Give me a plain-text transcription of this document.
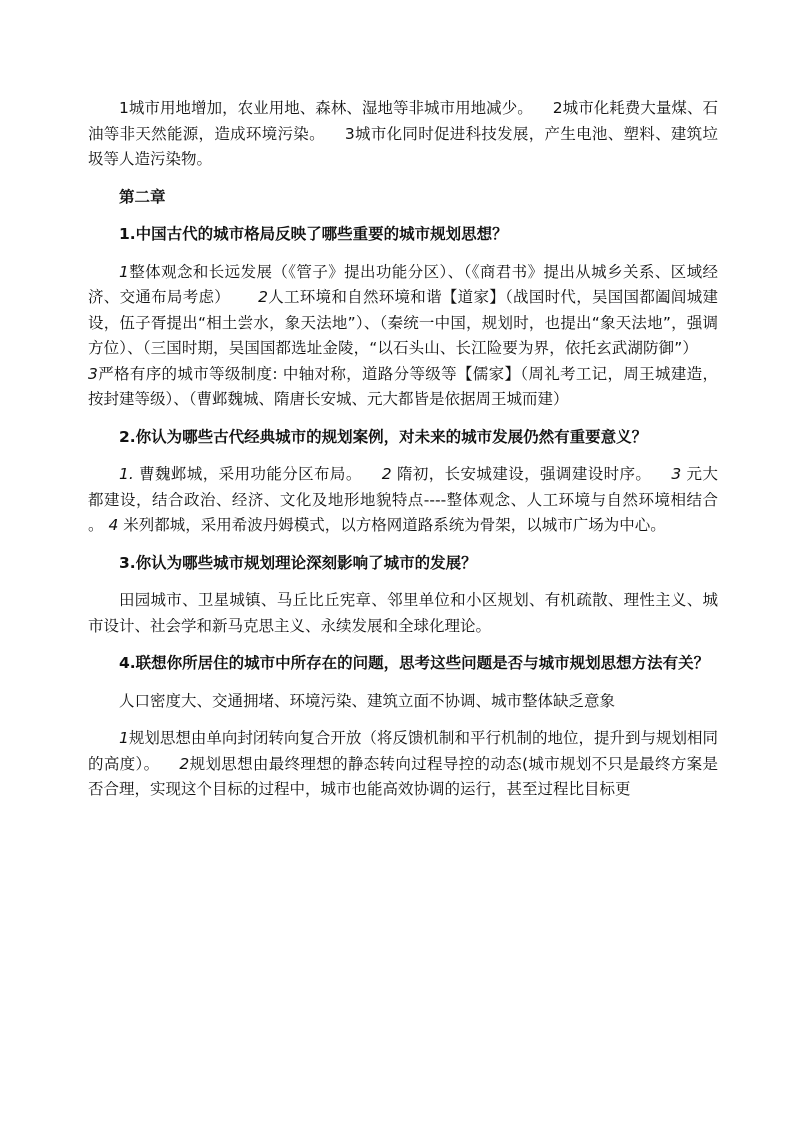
1城市用地增加，农业用地、森林、湿地等非城市用地减少。 2城市化耗费大量煤、石油等非天然能源，造成环境污染。 3城市化同时促进科技发展，产生电池、塑料、建筑垃圾等人造污染物。

第二章

1.中国古代的城市格局反映了哪些重要的城市规划思想？

1整体观念和长远发展（《管子》提出功能分区）、（《商君书》提出从城乡关系、区域经济、交通布局考虑） 2人工环境和自然环境和谐【道家】（战国时代，吴国国都阖闾城建设，伍子胥提出“相土尝水，象天法地”）、（秦统一中国，规划时，也提出“象天法地”，强调方位）、（三国时期，吴国国都选址金陵，“以石头山、长江险要为界，依托玄武湖防御”）3严格有序的城市等级制度: 中轴对称，道路分等级等【儒家】（周礼考工记，周王城建造，按封建等级）、（曹邺魏城、隋唐长安城、元大都皆是依据周王城而建）

2.你认为哪些古代经典城市的规划案例，对未来的城市发展仍然有重要意义？

1. 曹魏邺城，采用功能分区布局。 2 隋初，长安城建设，强调建设时序。 3 元大都建设，结合政治、经济、文化及地形地貌特点----整体观念、人工环境与自然环境相结合 。 4 米列都城，采用希波丹姆模式，以方格网道路系统为骨架，以城市广场为中心。

3.你认为哪些城市规划理论深刻影响了城市的发展？

田园城市、卫星城镇、马丘比丘宪章、邻里单位和小区规划、有机疏散、理性主义、城市设计、社会学和新马克思主义、永续发展和全球化理论。

4.联想你所居住的城市中所存在的问题，思考这些问题是否与城市规划思想方法有关？

人口密度大、交通拥堵、环境污染、建筑立面不协调、城市整体缺乏意象

1规划思想由单向封闭转向复合开放（将反馈机制和平行机制的地位，提升到与规划相同的高度）。 2规划思想由最终理想的静态转向过程导控的动态(城市规划不只是最终方案是否合理，实现这个目标的过程中，城市也能高效协调的运行，甚至过程比目标更
